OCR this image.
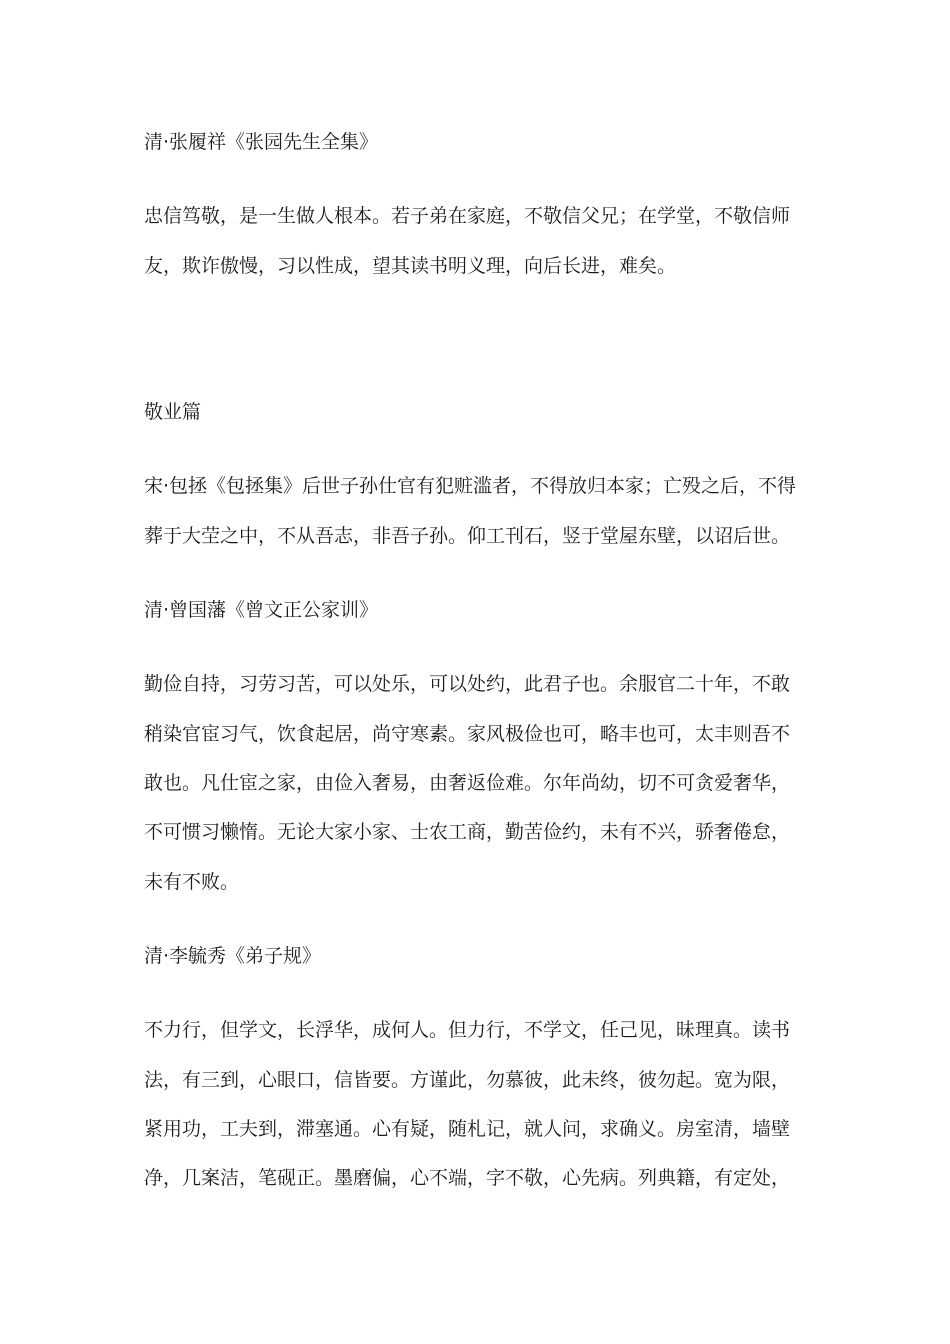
清·张履祥《张园先生全集》
忠信笃敬，是一生做人根本。若子弟在家庭，不敬信父兄；在学堂，不敬信师
友，欺诈傲慢，习以性成，望其读书明义理，向后长进，难矣。
敬业篇
宋·包拯《包拯集》后世子孙仕官有犯赃滥者，不得放归本家；亡殁之后，不得
葬于大茔之中，不从吾志，非吾子孙。仰工刊石，竖于堂屋东壁，以诏后世。
清·曾国藩《曾文正公家训》
勤俭自持，习劳习苦，可以处乐，可以处约，此君子也。余服官二十年，不敢
稍染官宦习气，饮食起居，尚守寒素。家风极俭也可，略丰也可，太丰则吾不
敢也。凡仕宦之家，由俭入奢易，由奢返俭难。尔年尚幼，切不可贪爱奢华，
不可惯习懒惰。无论大家小家、士农工商，勤苦俭约，未有不兴，骄奢倦怠，
未有不败。
清·李毓秀《弟子规》
不力行，但学文，长浮华，成何人。但力行，不学文，任己见，昧理真。读书
法，有三到，心眼口，信皆要。方谨此，勿慕彼，此未终，彼勿起。宽为限，
紧用功，工夫到，滞塞通。心有疑，随札记，就人问，求确义。房室清，墙壁
净，几案洁，笔砚正。墨磨偏，心不端，字不敬，心先病。列典籍，有定处，
